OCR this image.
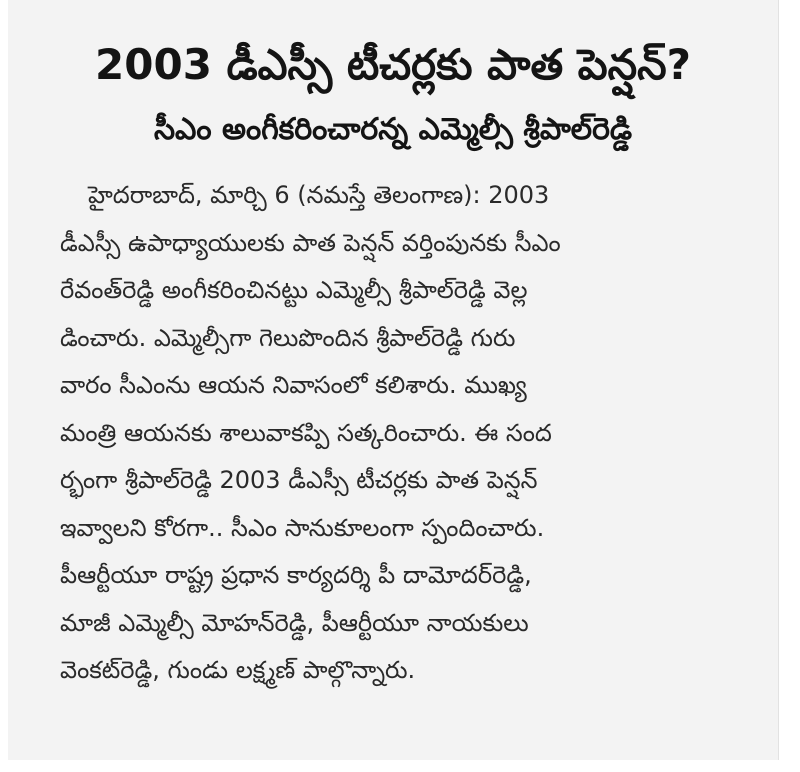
2003 డీఎస్సీ టీచర్లకు పాత పెన్షన్?
సీఎం అంగీకరించారన్న ఎమ్మెల్సీ శ్రీపాల్‌రెడ్డి
హైదరాబాద్, మార్చి 6 (నమస్తే తెలంగాణ): 2003
డీఎస్సీ ఉపాధ్యాయులకు పాత పెన్షన్ వర్తింపునకు సీఎం
రేవంత్‌రెడ్డి అంగీకరించినట్టు ఎమ్మెల్సీ శ్రీపాల్‌రెడ్డి వెల్ల
డించారు. ఎమ్మెల్సీగా గెలుపొందిన శ్రీపాల్‌రెడ్డి గురు
వారం సీఎంను ఆయన నివాసంలో కలిశారు. ముఖ్య
మంత్రి ఆయనకు శాలువాకప్పి సత్కరించారు. ఈ సంద
ర్భంగా శ్రీపాల్‌రెడ్డి 2003 డీఎస్సీ టీచర్లకు పాత పెన్షన్
ఇవ్వాలని కోరగా.. సీఎం సానుకూలంగా స్పందించారు.
పీఆర్టీయూ రాష్ట్ర ప్రధాన కార్యదర్శి పీ దామోదర్‌రెడ్డి,
మాజీ ఎమ్మెల్సీ మోహన్‌రెడ్డి, పీఆర్టీయూ నాయకులు
వెంకట్‌రెడ్డి, గుండు లక్ష్మణ్ పాల్గొన్నారు.
